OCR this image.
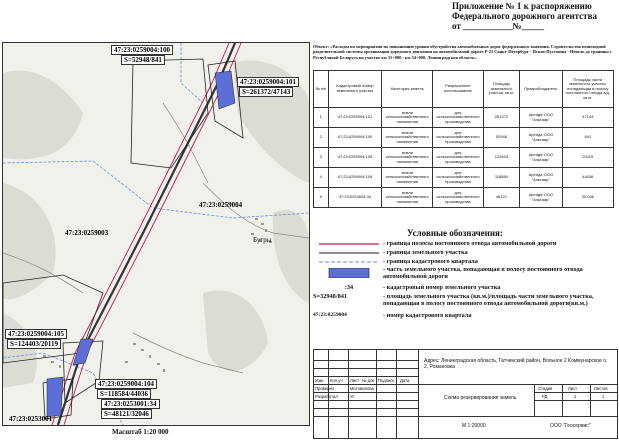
Приложение № 1 к распоряжению
Федерального дорожного агентства
от ___________№_____
47:23:0259004:100
S=52948/841
47:23:0259004:101
S=261372/47143
47:23:0259004
47:23:0259003
Бугры
47:23:0259004:105
S=124403/20119
47:23:0259004:104
S=118584/44036
47:23:0253001:34
S=48121/32046
47:23:0253001
Масштаб 1:20 000
Объект: «Расходы на мероприятия по повышению уровня обустройства автомобильных дорог федерального значения. Строительство пешеходной разделительной системы организации дорожного движения на автомобильной дороге Р-23 Санкт-Петербург - Псков-Пустошка - Невель до границы с Республикой Беларусь на участке км 31+000 - км 54+000, Ленинградская область»
№ п/п	Кадастровый номер земельного участка	Категория земель	Разрешенное использование	Площадь земельного участка, кв.м.	Правообладатель	Площадь части земельного участка, попадающая в полосу постоянного отвода а/д, кв.м.
1	47:23:0259004:101	земли сельскохозяйственного назначения	для сельскохозяйственного производства	261372	Аренда ООО "Альтаир"	47143
2	47:23:0259004:100	земли сельскохозяйственного назначения	для сельскохозяйственного производства	52948	Аренда ООО "Альтаир"	841
3	47:23:0259004:105	земли сельскохозяйственного назначения	для сельскохозяйственного производства	124403	Аренда ООО "Альтаир"	20119
4	47:23:0259004:104	земли сельскохозяйственного назначения	для сельскохозяйственного производства	118584	Аренда ООО "Альтаир"	44036
5	47:23:0253004:34	земли сельскохозяйственного назначения	для сельскохозяйственного производства	48121	Аренда ООО "Альтаир"	32 046
Условные обозначения:
- граница полосы постоянного отвода автомобильной дороги
- граница земельного участка
- граница кадастрового квартала
- часть земельного участка, попадающая в полосу постоянного отвода автомобильной дороги
:34	- кадастровый номер земельного участка
S=32948/841	- площадь земельного участка (кв.м.)/площадь части земельного участка, попадающая в полосу постоянного отвода автомобильной дороги(кв.м.)
47:23:0259004	- номер кадастрового квартала
Изм. Кол.уч Лист № док Подпись Дата
Проверил	Мотовилова
Разработал	Ус
Адрес: Ленинградская область, Гатчинский район, Вольное 2 Коммунарское о. 2, Романовка
Схема резервирования земель
М 1:20000
Стадия	Лист	Листов
РД	1	1
ООО "Геосервис"
